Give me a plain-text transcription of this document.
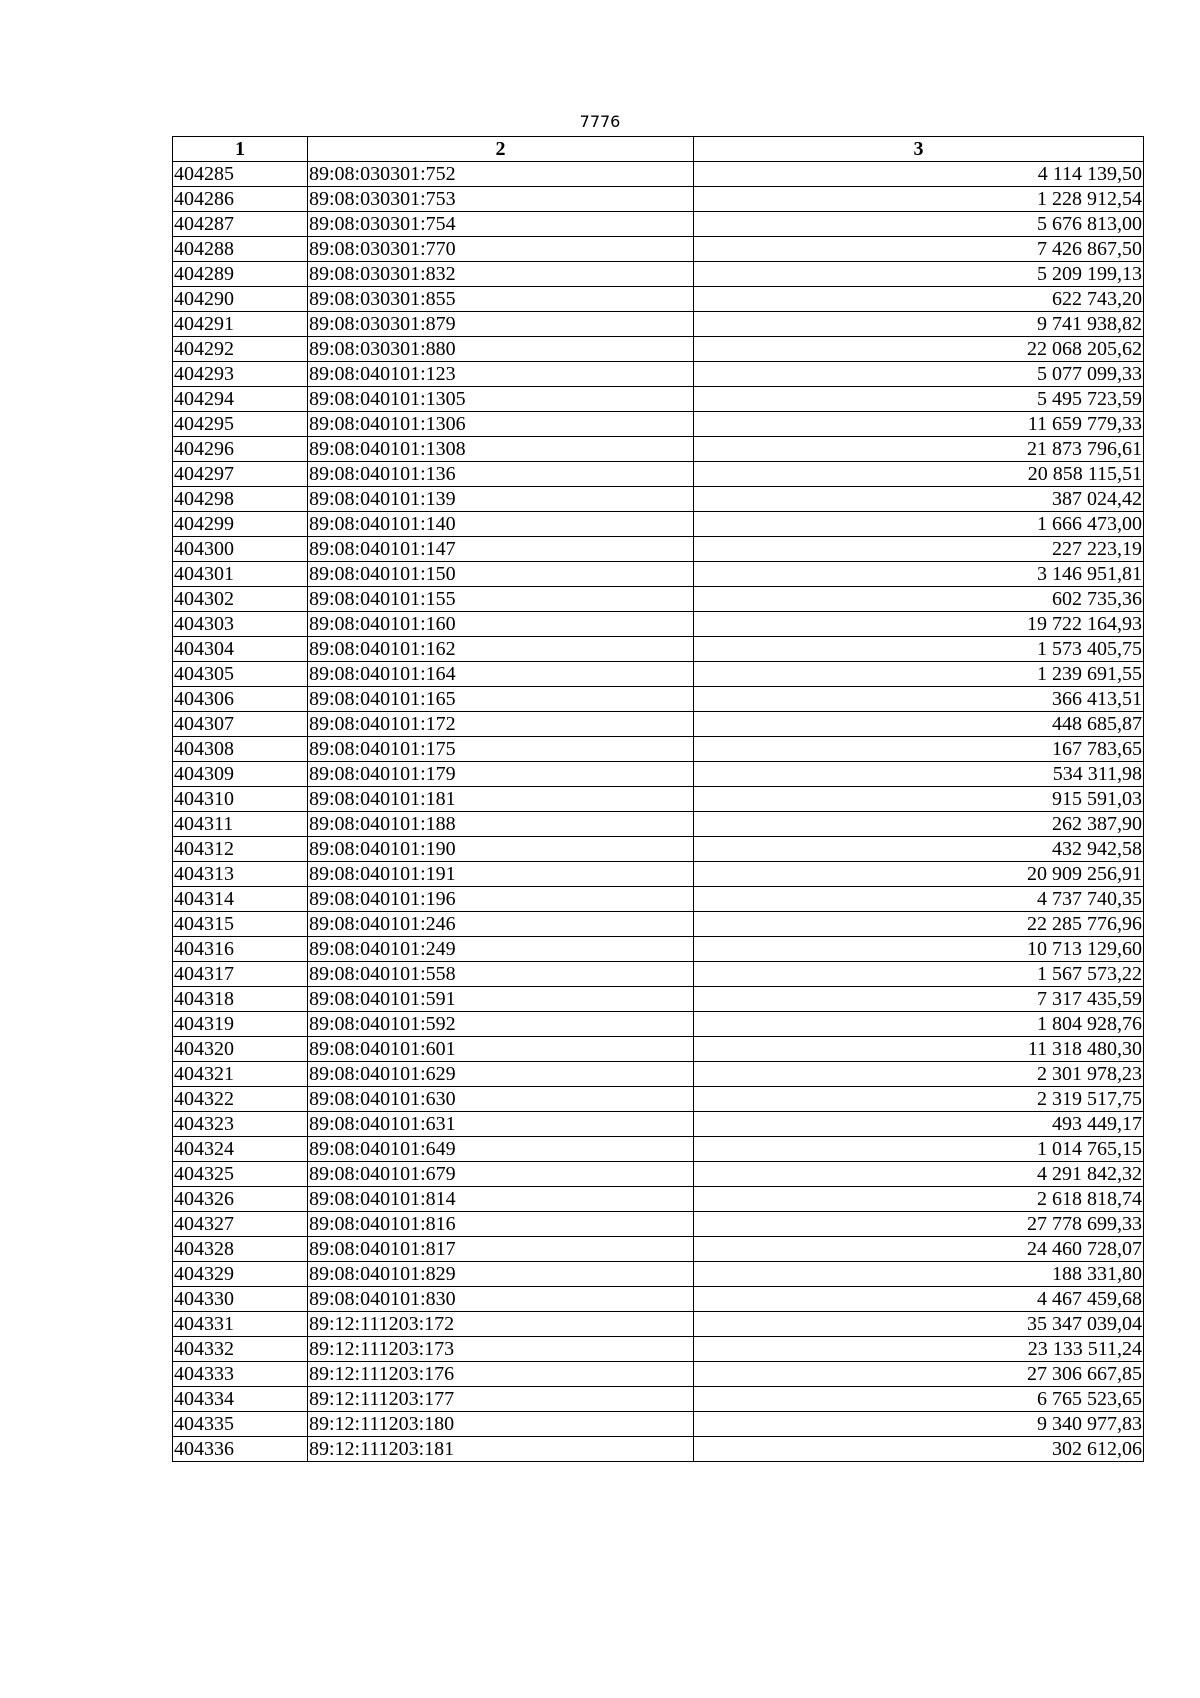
7776
1	2	3
404285	89:08:030301:752	4 114 139,50
404286	89:08:030301:753	1 228 912,54
404287	89:08:030301:754	5 676 813,00
404288	89:08:030301:770	7 426 867,50
404289	89:08:030301:832	5 209 199,13
404290	89:08:030301:855	622 743,20
404291	89:08:030301:879	9 741 938,82
404292	89:08:030301:880	22 068 205,62
404293	89:08:040101:123	5 077 099,33
404294	89:08:040101:1305	5 495 723,59
404295	89:08:040101:1306	11 659 779,33
404296	89:08:040101:1308	21 873 796,61
404297	89:08:040101:136	20 858 115,51
404298	89:08:040101:139	387 024,42
404299	89:08:040101:140	1 666 473,00
404300	89:08:040101:147	227 223,19
404301	89:08:040101:150	3 146 951,81
404302	89:08:040101:155	602 735,36
404303	89:08:040101:160	19 722 164,93
404304	89:08:040101:162	1 573 405,75
404305	89:08:040101:164	1 239 691,55
404306	89:08:040101:165	366 413,51
404307	89:08:040101:172	448 685,87
404308	89:08:040101:175	167 783,65
404309	89:08:040101:179	534 311,98
404310	89:08:040101:181	915 591,03
404311	89:08:040101:188	262 387,90
404312	89:08:040101:190	432 942,58
404313	89:08:040101:191	20 909 256,91
404314	89:08:040101:196	4 737 740,35
404315	89:08:040101:246	22 285 776,96
404316	89:08:040101:249	10 713 129,60
404317	89:08:040101:558	1 567 573,22
404318	89:08:040101:591	7 317 435,59
404319	89:08:040101:592	1 804 928,76
404320	89:08:040101:601	11 318 480,30
404321	89:08:040101:629	2 301 978,23
404322	89:08:040101:630	2 319 517,75
404323	89:08:040101:631	493 449,17
404324	89:08:040101:649	1 014 765,15
404325	89:08:040101:679	4 291 842,32
404326	89:08:040101:814	2 618 818,74
404327	89:08:040101:816	27 778 699,33
404328	89:08:040101:817	24 460 728,07
404329	89:08:040101:829	188 331,80
404330	89:08:040101:830	4 467 459,68
404331	89:12:111203:172	35 347 039,04
404332	89:12:111203:173	23 133 511,24
404333	89:12:111203:176	27 306 667,85
404334	89:12:111203:177	6 765 523,65
404335	89:12:111203:180	9 340 977,83
404336	89:12:111203:181	302 612,06
